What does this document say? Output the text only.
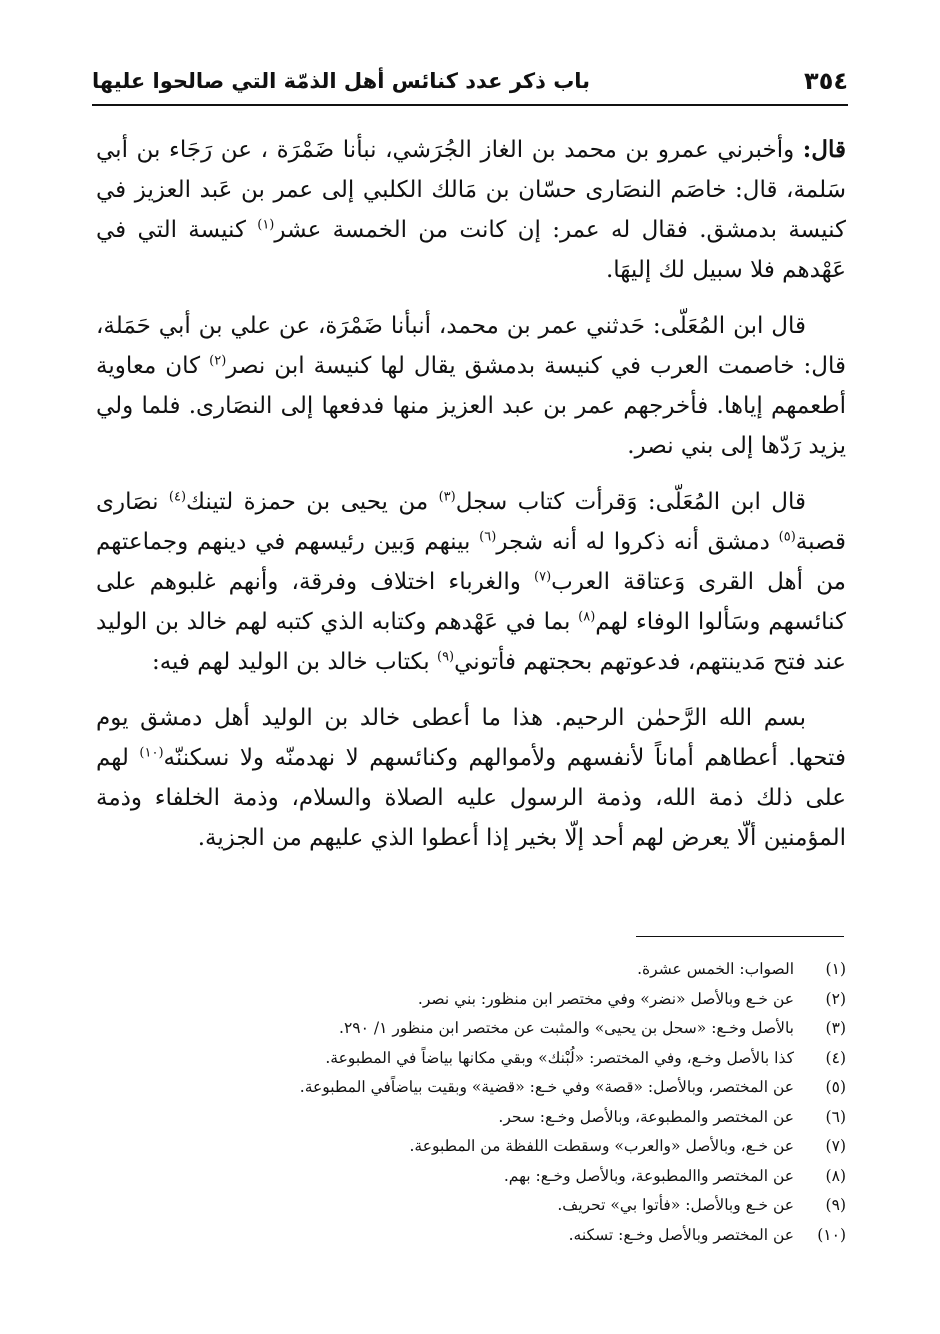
٣٥٤
باب ذكر عدد كنائس أهل الذمّة التي صالحوا عليها

قال: وأخبرني عمرو بن محمد بن الغاز الجُرَشي، نبأنا ضَمْرَة ، عن رَجَاء بن أبي سَلمة، قال: خاصَم النصَارى حسّان بن مَالك الكلبي إلى عمر بن عَبد العزيز في كنيسة بدمشق. فقال له عمر: إن كانت من الخمسة عشر$^{(١)}$ كنيسة التي في عَهْدهم فلا سبيل لك إليهَا.

قال ابن المُعَلّى: حَدثني عمر بن محمد، أنبأنا ضَمْرَة، عن علي بن أبي حَمَلة، قال: خاصمت العرب في كنيسة بدمشق يقال لها كنيسة ابن نصر$^{(٢)}$ كان معاوية أطعمهم إياها. فأخرجهم عمر بن عبد العزيز منها فدفعها إلى النصَارى. فلما ولي يزيد رَدّها إلى بني نصر.

قال ابن المُعَلّى: وَقرأت كتاب سجل$^{(٣)}$ من يحيى بن حمزة لتينك$^{(٤)}$ نصَارى قصبة$^{(٥)}$ دمشق أنه ذكروا له أنه شجر$^{(٦)}$ بينهم وَبين رئيسهم في دينهم وجماعتهم من أهل القرى وَعتاقة العرب$^{(٧)}$ والغرباء اختلاف وفرقة، وأنهم غلبوهم على كنائسهم وسَألوا الوفاء لهم$^{(٨)}$ بما في عَهْدهم وكتابه الذي كتبه لهم خالد بن الوليد عند فتح مَدينتهم، فدعوتهم بحجتهم فأتوني$^{(٩)}$ بكتاب خالد بن الوليد لهم فيه:

بسم الله الرَّحمٰن الرحيم. هذا ما أعطى خالد بن الوليد أهل دمشق يوم فتحها. أعطاهم أماناً لأنفسهم ولأموالهم وكنائسهم لا نهدمنّه ولا نسكننّه$^{(١٠)}$ لهم على ذلك ذمة الله، وذمة الرسول عليه الصلاة والسلام، وذمة الخلفاء وذمة المؤمنين ألّا يعرض لهم أحد إلّا بخير إذا أعطوا الذي عليهم من الجزية.

(١)
الصواب: الخمس عشرة.
(٢)
عن خـع وبالأصل «نضر» وفي مختصر ابن منظور: بني نصر.
(٣)
بالأصل وخـع: «سحل بن يحيى» والمثبت عن مختصر ابن منظور ١/ ٢٩٠.
(٤)
كذا بالأصل وخـع، وفي المختصر: «لُبْنك» وبقي مكانها بياضاً في المطبوعة.
(٥)
عن المختصر، وبالأصل: «قصة» وفي خـع: «قضية» وبقيت بياضاًفي المطبوعة.
(٦)
عن المختصر والمطبوعة، وبالأصل وخـع: سحر.
(٧)
عن خـع، وبالأصل «والعرب» وسقطت اللفظة من المطبوعة.
(٨)
عن المختصر واالمطبوعة، وبالأصل وخـع: بهم.
(٩)
عن خـع وبالأصل: «فأتوا بي» تحريف.
(١٠)
عن المختصر وبالأصل وخـع: تسكنه.
